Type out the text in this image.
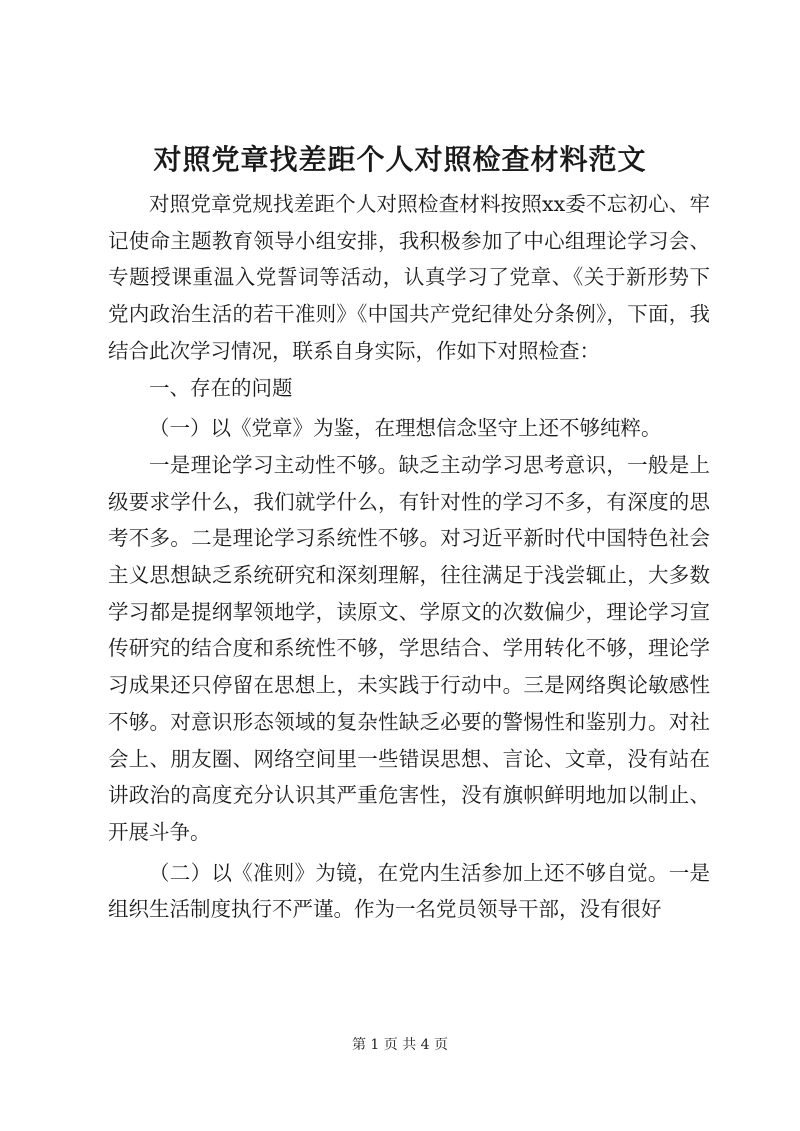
对照党章找差距个人对照检查材料范文

对照党章党规找差距个人对照检查材料按照xx委不忘初心、牢记使命主题教育领导小组安排，我积极参加了中心组理论学习会、专题授课重温入党誓词等活动，认真学习了党章、《关于新形势下党内政治生活的若干准则》《中国共产党纪律处分条例》，下面，我结合此次学习情况，联系自身实际，作如下对照检查：

一、存在的问题

（一）以《党章》为鉴，在理想信念坚守上还不够纯粹。

一是理论学习主动性不够。缺乏主动学习思考意识，一般是上级要求学什么，我们就学什么，有针对性的学习不多，有深度的思考不多。二是理论学习系统性不够。对习近平新时代中国特色社会主义思想缺乏系统研究和深刻理解，往往满足于浅尝辄止，大多数学习都是提纲挈领地学，读原文、学原文的次数偏少，理论学习宣传研究的结合度和系统性不够，学思结合、学用转化不够，理论学习成果还只停留在思想上，未实践于行动中。三是网络舆论敏感性不够。对意识形态领域的复杂性缺乏必要的警惕性和鉴别力。对社会上、朋友圈、网络空间里一些错误思想、言论、文章，没有站在讲政治的高度充分认识其严重危害性，没有旗帜鲜明地加以制止、开展斗争。

（二）以《准则》为镜，在党内生活参加上还不够自觉。一是组织生活制度执行不严谨。作为一名党员领导干部，没有很好

第 1 页 共 4 页
